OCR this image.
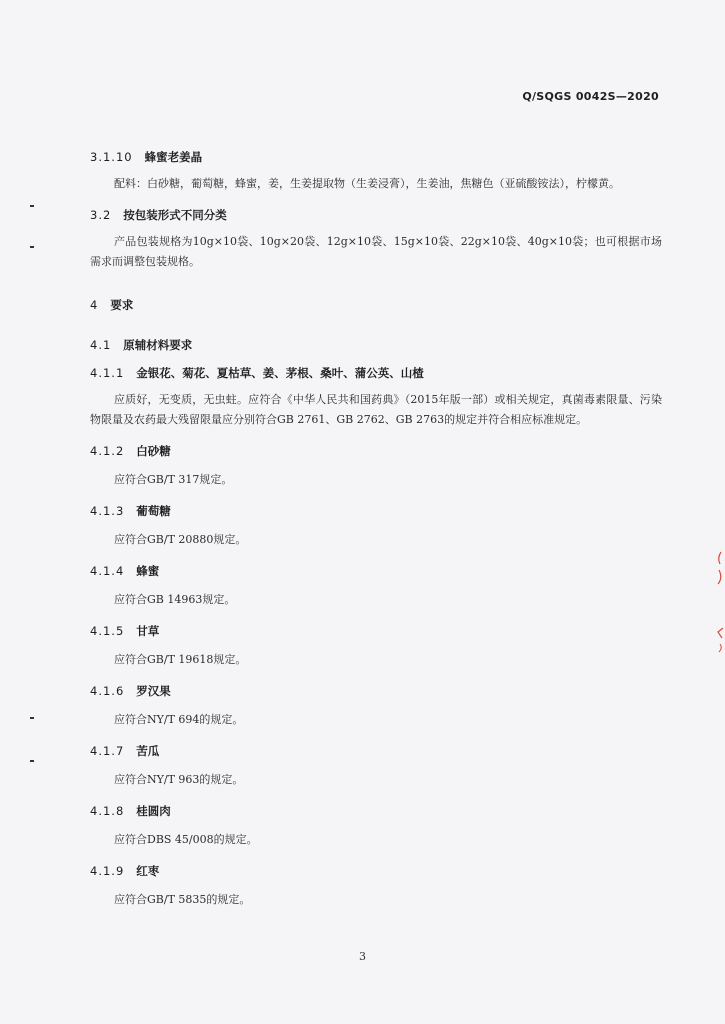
Q/SQGS 0042S—2020
3.1.10 蜂蜜老姜晶
配料：白砂糖，葡萄糖，蜂蜜，姜，生姜提取物（生姜浸膏），生姜油，焦糖色（亚硫酸铵法），柠檬黄。
3.2 按包装形式不同分类
产品包装规格为10g×10袋、10g×20袋、12g×10袋、15g×10袋、22g×10袋、40g×10袋；也可根据市场需求而调整包装规格。
4 要求
4.1 原辅材料要求
4.1.1 金银花、菊花、夏枯草、姜、茅根、桑叶、蒲公英、山楂
应质好，无变质，无虫蛀。应符合《中华人民共和国药典》（2015年版一部）或相关规定，真菌毒素限量、污染物限量及农药最大残留限量应分别符合GB 2761、GB 2762、GB 2763的规定并符合相应标准规定。
4.1.2 白砂糖
应符合GB/T 317规定。
4.1.3 葡萄糖
应符合GB/T 20880规定。
4.1.4 蜂蜜
应符合GB 14963规定。
4.1.5 甘草
应符合GB/T 19618规定。
4.1.6 罗汉果
应符合NY/T 694的规定。
4.1.7 苦瓜
应符合NY/T 963的规定。
4.1.8 桂圆肉
应符合DBS 45/008的规定。
4.1.9 红枣
应符合GB/T 5835的规定。
3
